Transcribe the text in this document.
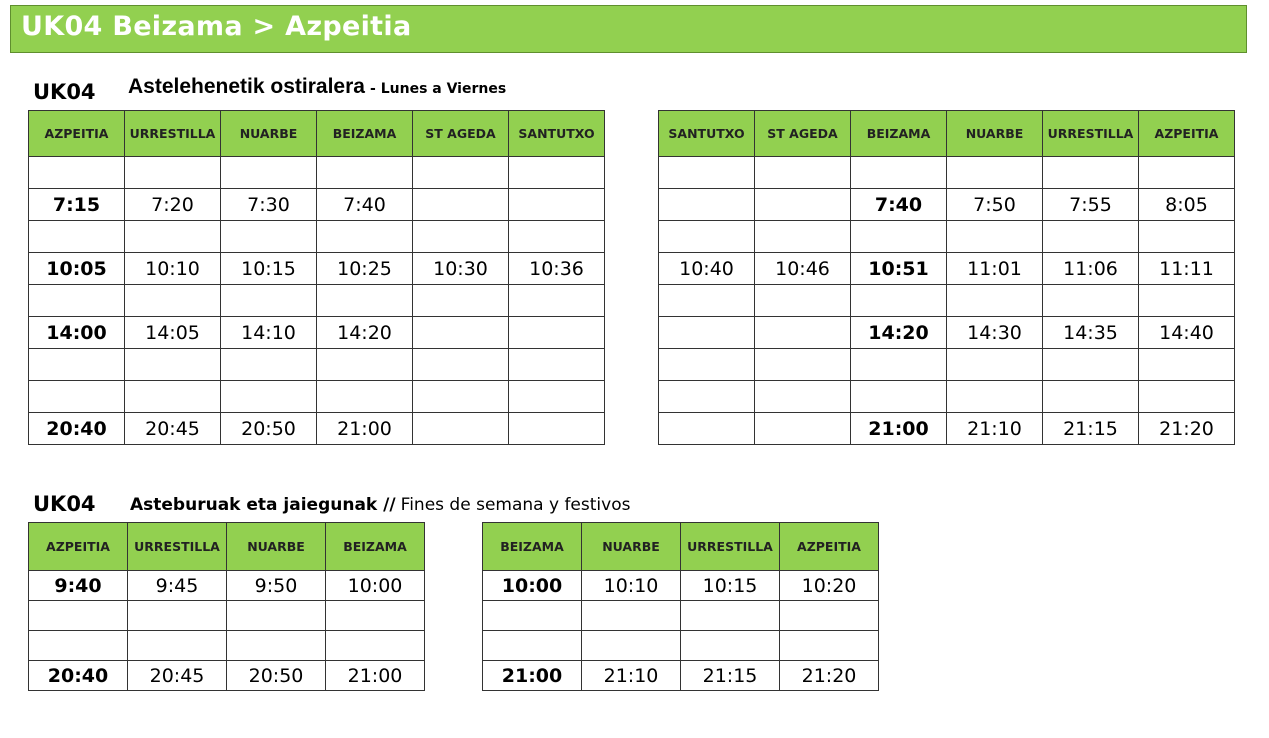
UK04 Beizama > Azpeitia
UK04 Astelehenetik ostiralera - Lunes a Viernes
AZPEITIA	URRESTILLA	NUARBE	BEIZAMA	ST AGEDA	SANTUTXO

7:15	7:20	7:30	7:40		

10:05	10:10	10:15	10:25	10:30	10:36

14:00	14:05	14:10	14:20		

20:40	20:45	20:50	21:00		
SANTUTXO	ST AGEDA	BEIZAMA	NUARBE	URRESTILLA	AZPEITIA

		7:40	7:50	7:55	8:05

10:40	10:46	10:51	11:01	11:06	11:11

		14:20	14:30	14:35	14:40

		21:00	21:10	21:15	21:20
UK04 Asteburuak eta jaiegunak // Fines de semana y festivos
AZPEITIA	URRESTILLA	NUARBE	BEIZAMA
9:40	9:45	9:50	10:00

20:40	20:45	20:50	21:00
BEIZAMA	NUARBE	URRESTILLA	AZPEITIA
10:00	10:10	10:15	10:20

21:00	21:10	21:15	21:20
